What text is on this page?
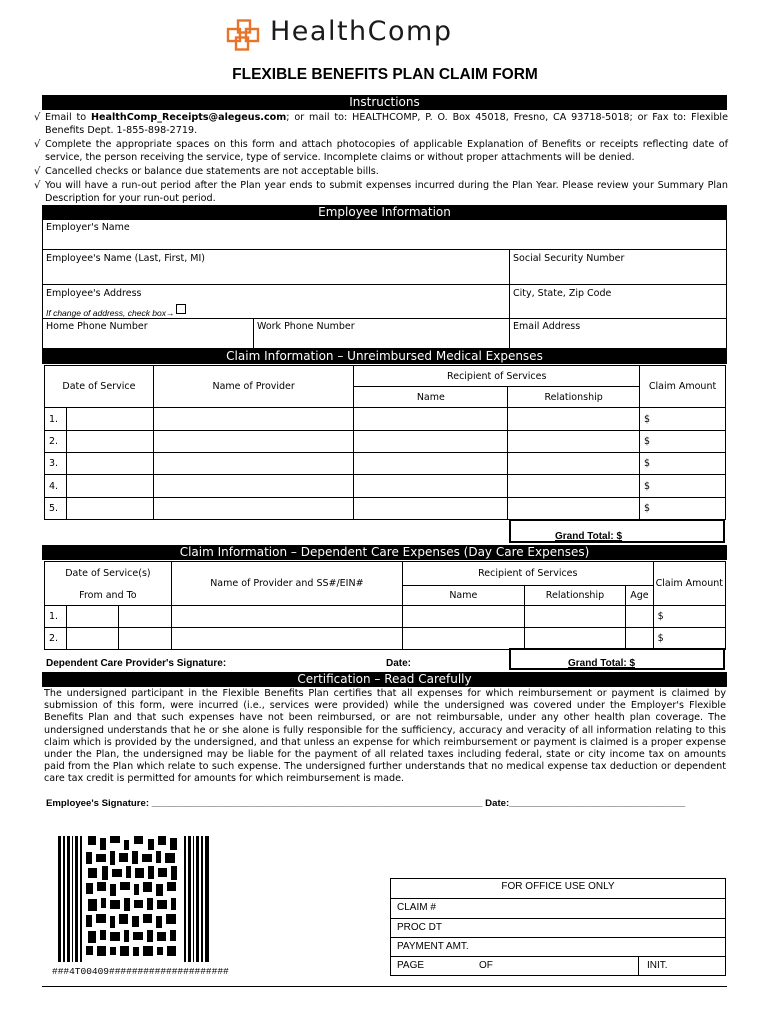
HealthComp
FLEXIBLE BENEFITS PLAN CLAIM FORM
Instructions
√ Email to HealthComp_Receipts@alegeus.com; or mail to: HEALTHCOMP, P. O. Box 45018, Fresno, CA 93718-5018; or Fax to: Flexible Benefits Dept. 1-855-898-2719.
√ Complete the appropriate spaces on this form and attach photocopies of applicable Explanation of Benefits or receipts reflecting date of service, the person receiving the service, type of service. Incomplete claims or without proper attachments will be denied.
√ Cancelled checks or balance due statements are not acceptable bills.
√ You will have a run-out period after the Plan year ends to submit expenses incurred during the Plan Year. Please review your Summary Plan Description for your run-out period.
Employee Information
Employer's Name
Employee's Name (Last, First, MI)	Social Security Number
Employee's Address
If change of address, check box→
City, State, Zip Code
Home Phone Number	Work Phone Number	Email Address
Claim Information – Unreimbursed Medical Expenses
Date of Service		Name of Provider	Recipient of Services		Claim Amount
			Name	Relationship	
1.					$
2.					$
3.					$
4.					$
5.					$
Grand Total: $
Claim Information – Dependent Care Expenses (Day Care Expenses)
Date of Service(s)			Name of Provider and SS#/EIN#	Recipient of Services			Claim Amount
From and To				Name	Relationship	Age	
1.							$
2.							$
Dependent Care Provider's Signature:	Date:	Grand Total: $
Certification – Read Carefully
The undersigned participant in the Flexible Benefits Plan certifies that all expenses for which reimbursement or payment is claimed by submission of this form, were incurred (i.e., services were provided) while the undersigned was covered under the Employer's Flexible Benefits Plan and that such expenses have not been reimbursed, or are not reimbursable, under any other health plan coverage. The undersigned understands that he or she alone is fully responsible for the sufficiency, accuracy and veracity of all information relating to this claim which is provided by the undersigned, and that unless an expense for which reimbursement or payment is claimed is a proper expense under the Plan, the undersigned may be liable for the payment of all related taxes including federal, state or city income tax on amounts paid from the Plan which relate to such expense. The undersigned further understands that no medical expense tax deduction or dependent care tax credit is permitted for amounts for which reimbursement is made.
Employee's Signature: ______________________________________________________________ Date:_________________________________
###4T00409#####################
FOR OFFICE USE ONLY
CLAIM #
PROC DT
PAYMENT AMT.
PAGE	OF	INIT.
